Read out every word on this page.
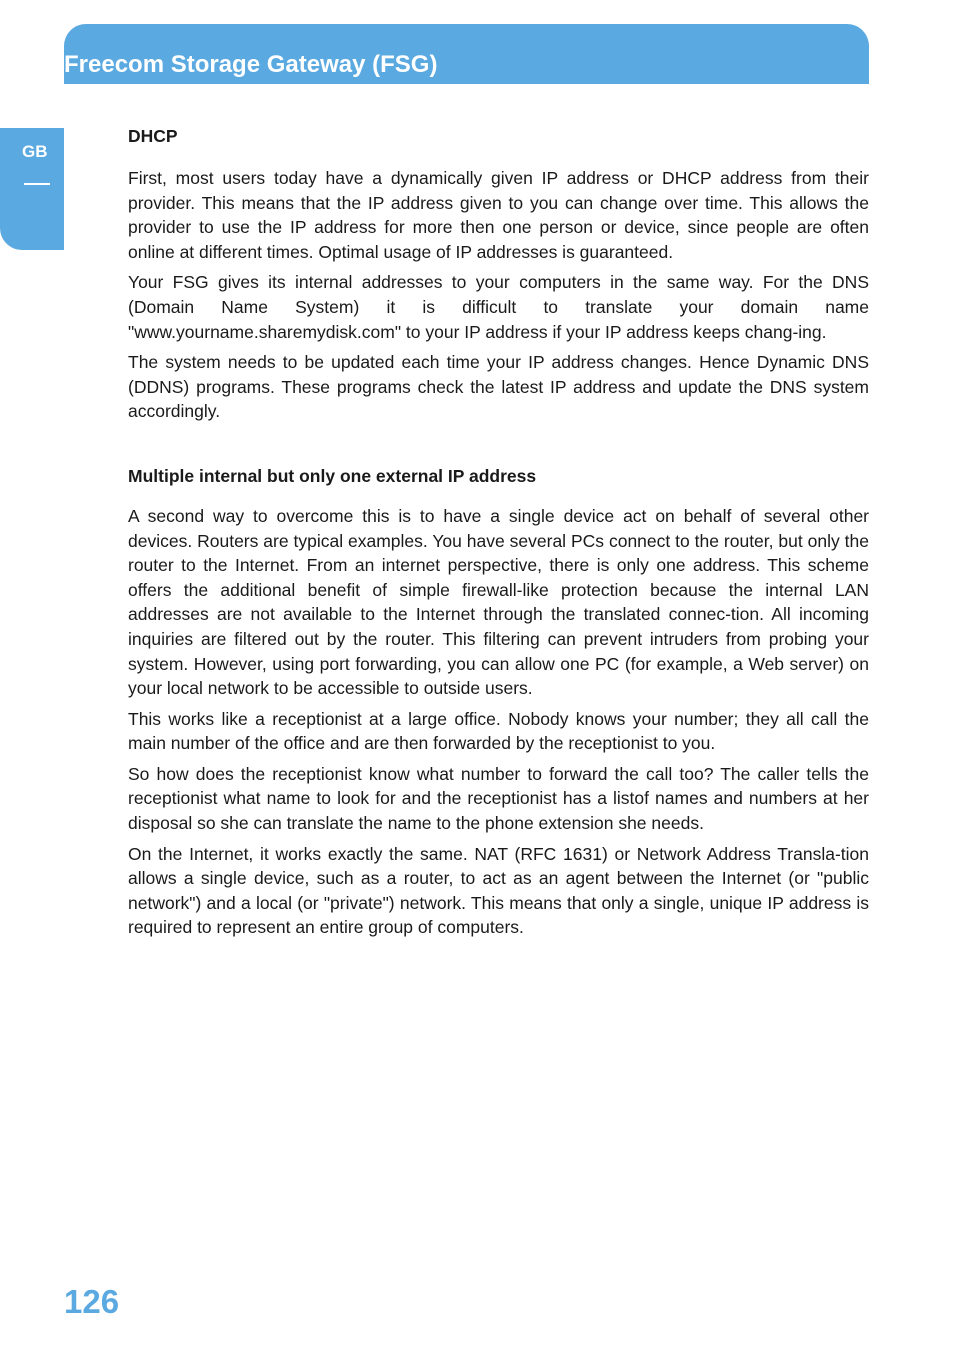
Freecom Storage Gateway (FSG)
GB
DHCP

First, most users today have a dynamically given IP address or DHCP address from their provider. This means that the IP address given to you can change over time. This allows the provider to use the IP address for more then one person or device, since people are often online at different times. Optimal usage of IP addresses is guaranteed.

Your FSG gives its internal addresses to your computers in the same way. For the DNS (Domain Name System) it is difficult to translate your domain name "www.yourname.sharemydisk.com" to your IP address if your IP address keeps chang-ing.

The system needs to be updated each time your IP address changes. Hence Dynamic DNS (DDNS) programs. These programs check the latest IP address and update the DNS system accordingly.

Multiple internal but only one external IP address

A second way to overcome this is to have a single device act on behalf of several other devices. Routers are typical examples. You have several PCs connect to the router, but only the router to the Internet. From an internet perspective, there is only one address. This scheme offers the additional benefit of simple firewall-like protection because the internal LAN addresses are not available to the Internet through the translated connec-tion. All incoming inquiries are filtered out by the router. This filtering can prevent intruders from probing your system. However, using port forwarding, you can allow one PC (for example, a Web server) on your local network to be accessible to outside users.

This works like a receptionist at a large office. Nobody knows your number; they all call the main number of the office and are then forwarded by the receptionist to you.

So how does the receptionist know what number to forward the call too? The caller tells the receptionist what name to look for and the receptionist has a listof names and numbers at her disposal so she can translate the name to the phone extension she needs.

On the Internet, it works exactly the same. NAT (RFC 1631) or Network Address Transla-tion allows a single device, such as a router, to act as an agent between the Internet (or "public network") and a local (or "private") network. This means that only a single, unique IP address is required to represent an entire group of computers.

126
